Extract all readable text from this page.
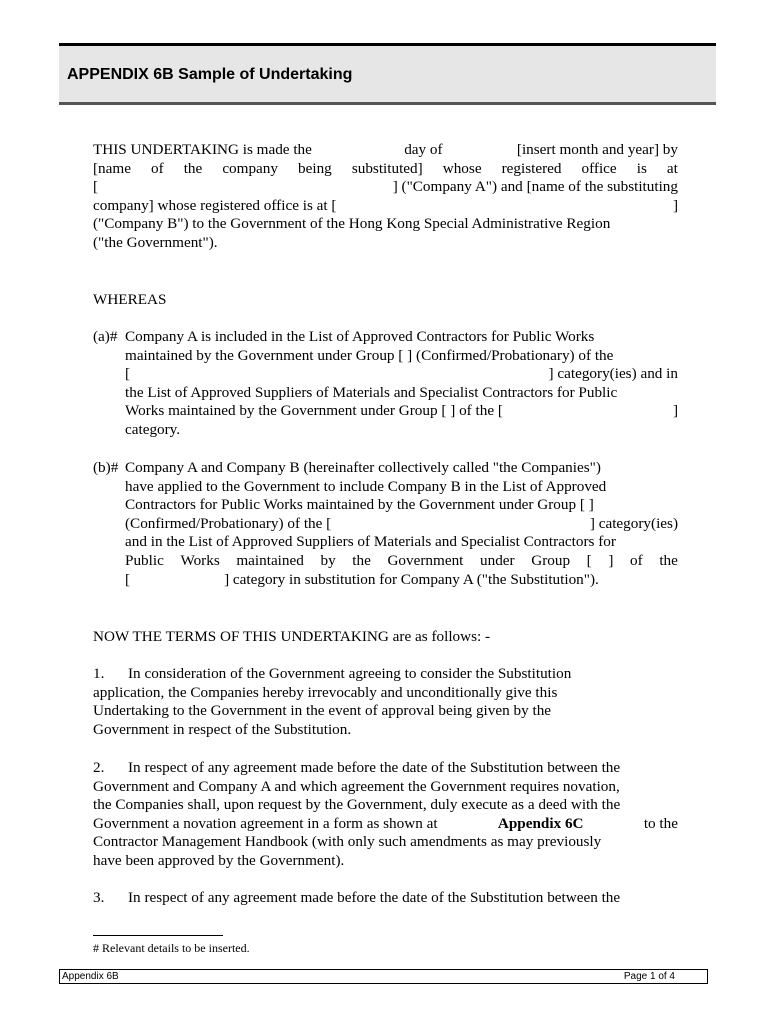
APPENDIX 6B Sample of Undertaking
THIS UNDERTAKING is made the	day of	[insert month and year] by
[name of the company being substituted] whose registered office is at
[	] ("Company A") and [name of the substituting
company] whose registered office is at [	]
("Company B") to the Government of the Hong Kong Special Administrative Region
("the Government").
WHEREAS
(a)# Company A is included in the List of Approved Contractors for Public Works
maintained by the Government under Group [ ] (Confirmed/Probationary) of the
[	] category(ies) and in
the List of Approved Suppliers of Materials and Specialist Contractors for Public
Works maintained by the Government under Group [ ] of the [	]
category.
(b)# Company A and Company B (hereinafter collectively called "the Companies")
have applied to the Government to include Company B in the List of Approved
Contractors for Public Works maintained by the Government under Group [ ]
(Confirmed/Probationary) of the [	] category(ies)
and in the List of Approved Suppliers of Materials and Specialist Contractors for
Public Works maintained by the Government under Group [ ] of the
[	] category in substitution for Company A ("the Substitution").
NOW THE TERMS OF THIS UNDERTAKING are as follows: -
1. In consideration of the Government agreeing to consider the Substitution
application, the Companies hereby irrevocably and unconditionally give this
Undertaking to the Government in the event of approval being given by the
Government in respect of the Substitution.
2. In respect of any agreement made before the date of the Substitution between the
Government and Company A and which agreement the Government requires novation,
the Companies shall, upon request by the Government, duly execute as a deed with the
Government a novation agreement in a form as shown at	Appendix 6C	to the
Contractor Management Handbook (with only such amendments as may previously
have been approved by the Government).
3. In respect of any agreement made before the date of the Substitution between the
# Relevant details to be inserted.
Appendix 6B	Page 1 of 4
